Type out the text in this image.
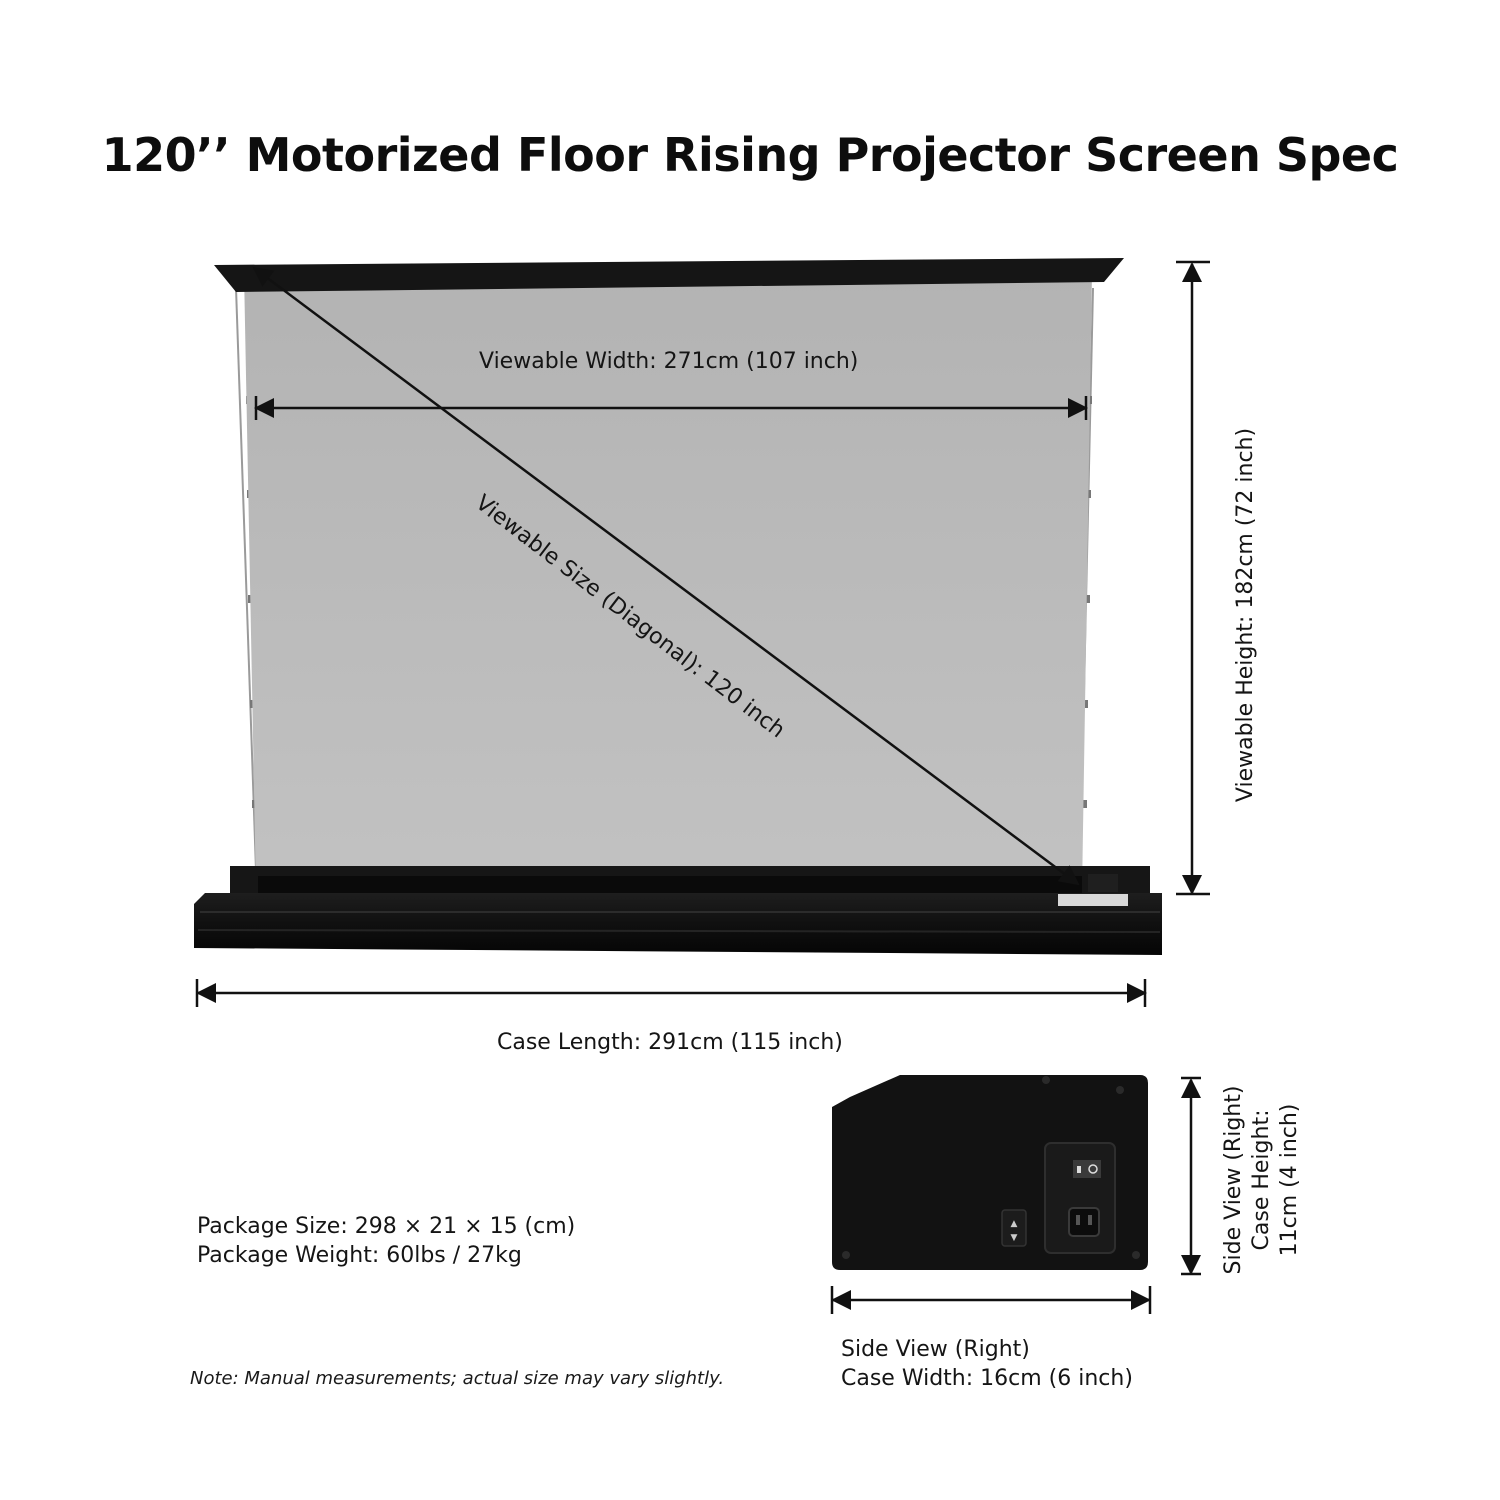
120’’ Motorized Floor Rising Projector Screen Spec
▲
▼
Viewable Size (Diagonal): 120 inch	Viewable Height: 182cm (72 inch)
Side View (Right) Case Height: 11cm (4 inch)
Viewable Width: 271cm (107 inch)
Case Length: 291cm (115 inch)
Package Size: 298 × 21 × 15 (cm)
Package Weight: 60lbs / 27kg
Side View (Right)
Case Width: 16cm (6 inch)
Note: Manual measurements; actual size may vary slightly.
